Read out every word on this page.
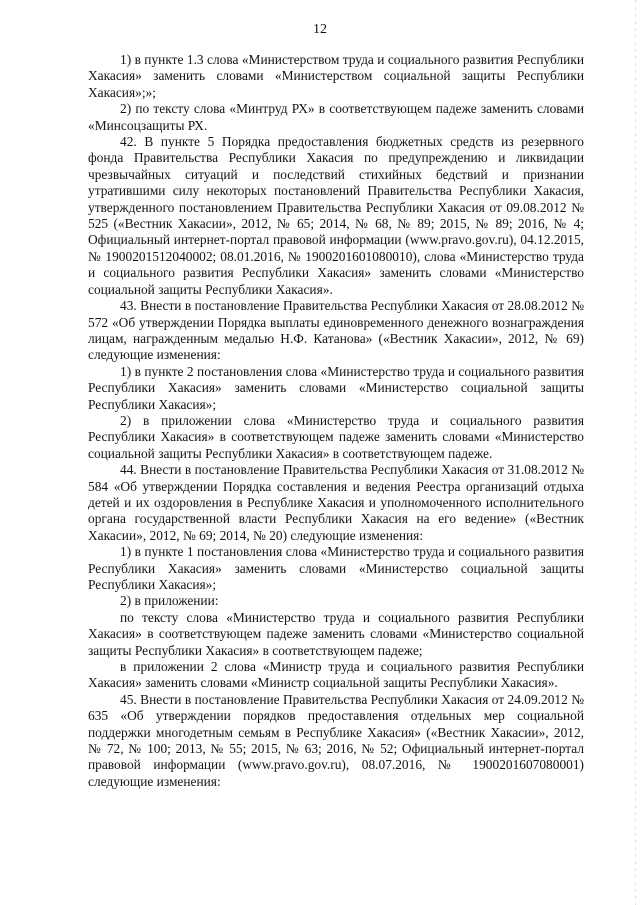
12

1) в пункте 1.3 слова «Министерством труда и социального развития Республики Хакасия» заменить словами «Министерством социальной защиты Республики Хакасия»;»;

2) по тексту слова «Минтруд РХ» в соответствующем падеже заменить словами «Минсоцзащиты РХ.

42. В пункте 5 Порядка предоставления бюджетных средств из резервного фонда Правительства Республики Хакасия по предупреждению и ликвидации чрезвычайных ситуаций и последствий стихийных бедствий и признании утратившими силу некоторых постановлений Правительства Республики Хакасия, утвержденного постановлением Правительства Республики Хакасия от 09.08.2012 № 525 («Вестник Хакасии», 2012, № 65; 2014, № 68, № 89; 2015, № 89; 2016, № 4; Официальный интернет-портал правовой информации (www.pravo.gov.ru), 04.12.2015, № 1900201512040002; 08.01.2016, № 1900201601080010), слова «Министерство труда и социального развития Республики Хакасия» заменить словами «Министерство социальной защиты Республики Хакасия».

43. Внести в постановление Правительства Республики Хакасия от 28.08.2012 № 572 «Об утверждении Порядка выплаты единовременного денежного вознаграждения лицам, награжденным медалью Н.Ф. Катанова» («Вестник Хакасии», 2012, № 69) следующие изменения:

1) в пункте 2 постановления слова «Министерство труда и социального развития Республики Хакасия» заменить словами «Министерство социальной защиты Республики Хакасия»;

2) в приложении слова «Министерство труда и социального развития Республики Хакасия» в соответствующем падеже заменить словами «Министерство социальной защиты Республики Хакасия» в соответствующем падеже.

44. Внести в постановление Правительства Республики Хакасия от 31.08.2012 № 584 «Об утверждении Порядка составления и ведения Реестра организаций отдыха детей и их оздоровления в Республике Хакасия и уполномоченного исполнительного органа государственной власти Республики Хакасия на его ведение» («Вестник Хакасии», 2012, № 69; 2014, № 20) следующие изменения:

1) в пункте 1 постановления слова «Министерство труда и социального развития Республики Хакасия» заменить словами «Министерство социальной защиты Республики Хакасия»;

2) в приложении:

по тексту слова «Министерство труда и социального развития Республики Хакасия» в соответствующем падеже заменить словами «Министерство социальной защиты Республики Хакасия» в соответствующем падеже;

в приложении 2 слова «Министр труда и социального развития Республики Хакасия» заменить словами «Министр социальной защиты Республики Хакасия».

45. Внести в постановление Правительства Республики Хакасия от 24.09.2012 № 635 «Об утверждении порядков предоставления отдельных мер социальной поддержки многодетным семьям в Республике Хакасия» («Вестник Хакасии», 2012, № 72, № 100; 2013, № 55; 2015, № 63; 2016, № 52; Официальный интернет-портал правовой информации (www.pravo.gov.ru), 08.07.2016, № 1900201607080001) следующие изменения:
